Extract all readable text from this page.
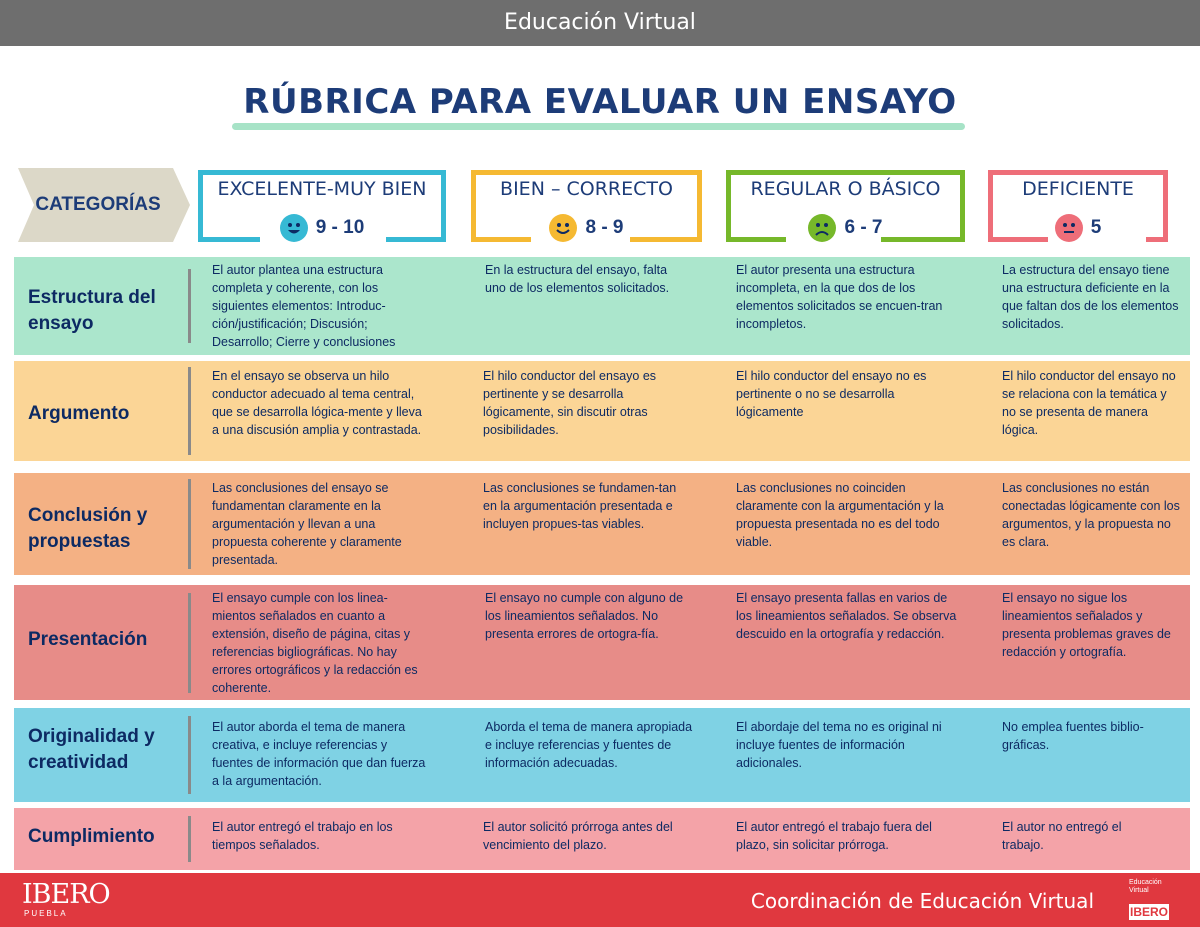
Educación Virtual
RÚBRICA PARA EVALUAR UN ENSAYO
CATEGORÍAS
EXCELENTE-MUY BIEN
9 - 10
BIEN – CORRECTO
8 - 9
REGULAR O BÁSICO
6 - 7
DEFICIENTE
5
Estructura del ensayo
El autor plantea una estructura completa y coherente, con los siguientes elementos: Introduc-ción/justificación; Discusión; Desarrollo; Cierre y conclusiones
En la estructura del ensayo, falta uno de los elementos solicitados.
El autor presenta una estructura incompleta, en la que dos de los elementos solicitados se encuen-tran incompletos.
La estructura del ensayo tiene una estructura deficiente en la que faltan dos de los elementos solicitados.
Argumento
En el ensayo se observa un hilo conductor adecuado al tema central, que se desarrolla lógica-mente y lleva a una discusión amplia y contrastada.
El hilo conductor del ensayo es pertinente y se desarrolla lógicamente, sin discutir otras posibilidades.
El hilo conductor del ensayo no es pertinente o no se desarrolla lógicamente
El hilo conductor del ensayo no se relaciona con la temática y no se presenta de manera lógica.
Conclusión y propuestas
Las conclusiones del ensayo se fundamentan claramente en la argumentación y llevan a una propuesta coherente y claramente presentada.
Las conclusiones se fundamen-tan en la argumentación presentada e incluyen propues-tas viables.
Las conclusiones no coinciden claramente con la argumentación y la propuesta presentada no es del todo viable.
Las conclusiones no están conectadas lógicamente con los argumentos, y la propuesta no es clara.
Presentación
El ensayo cumple con los linea-mientos señalados en cuanto a extensión, diseño de página, citas y referencias bigliográficas. No hay errores ortográficos y la redacción es coherente.
El ensayo no cumple con alguno de los lineamientos señalados. No presenta errores de ortogra-fía.
El ensayo presenta fallas en varios de los lineamientos señalados. Se observa descuido en la ortografía y redacción.
El ensayo no sigue los lineamientos señalados y presenta problemas graves de redacción y ortografía.
Originalidad y creatividad
El autor aborda el tema de manera creativa, e incluye referencias y fuentes de información que dan fuerza a la argumentación.
Aborda el tema de manera apropiada e incluye referencias y fuentes de información adecuadas.
El abordaje del tema no es original ni incluye fuentes de información adicionales.
No emplea fuentes biblio-gráficas.
Cumplimiento	El autor entregó el trabajo en los tiempos señalados.
El autor solicitó prórroga antes del vencimiento del plazo.
El autor entregó el trabajo fuera del plazo, sin solicitar prórroga.
El autor no entregó el trabajo.
IBERO
PUEBLA
Coordinación de Educación Virtual
Educación Virtual
IBERO
